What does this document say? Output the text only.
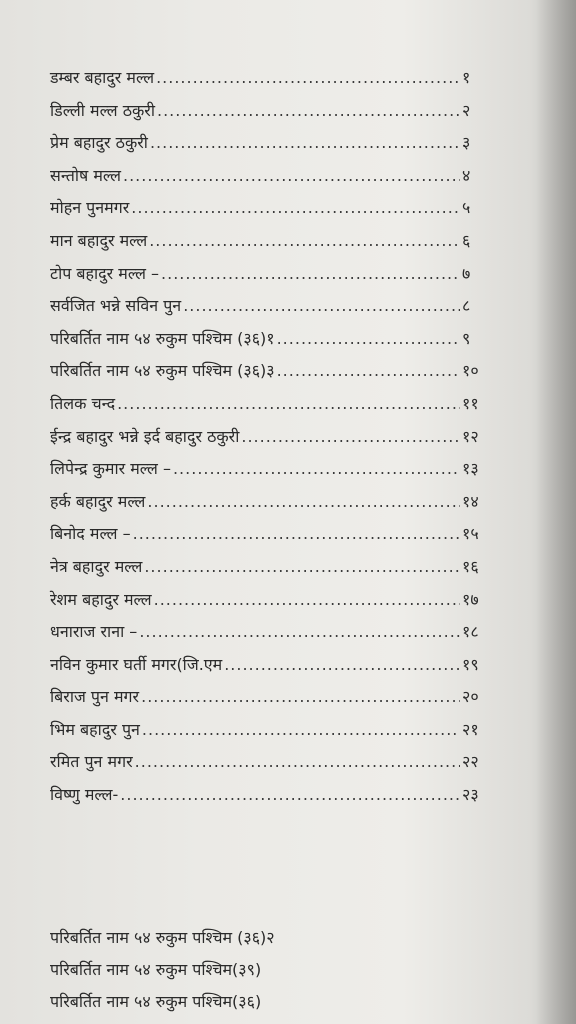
डम्बर बहादुर मल्ल .....	१
डिल्ली मल्ल ठकुरी .....	२
प्रेम बहादुर ठकुरी .....	३
सन्तोष मल्ल .....	४
मोहन पुनमगर .....	५
मान बहादुर मल्ल .....	६
टोप बहादुर मल्ल – .....	७
सर्वजित भन्ने सविन पुन .....	८
परिबर्तित नाम ५४ रुकुम पश्चिम (३६)१ .....	९
परिबर्तित नाम ५४ रुकुम पश्चिम (३६)३ .....	१०
तिलक चन्द .....	११
ईन्द्र बहादुर भन्ने इर्द बहादुर ठकुरी .....	१२
लिपेन्द्र कुमार मल्ल – .....	१३
हर्क बहादुर मल्ल .....	१४
बिनोद मल्ल – .....	१५
नेत्र बहादुर मल्ल .....	१६
रेशम बहादुर मल्ल .....	१७
धनाराज राना – .....	१८
नविन कुमार घर्ती मगर(जि.एम .....	१९
बिराज पुन मगर .....	२०
भिम बहादुर पुन .....	२१
रमित पुन मगर .....	२२
विष्णु मल्ल- .....	२३
परिबर्तित नाम ५४ रुकुम पश्चिम (३६)२
परिबर्तित नाम ५४ रुकुम पश्चिम(३९)
परिबर्तित नाम ५४ रुकुम पश्चिम(३६)
